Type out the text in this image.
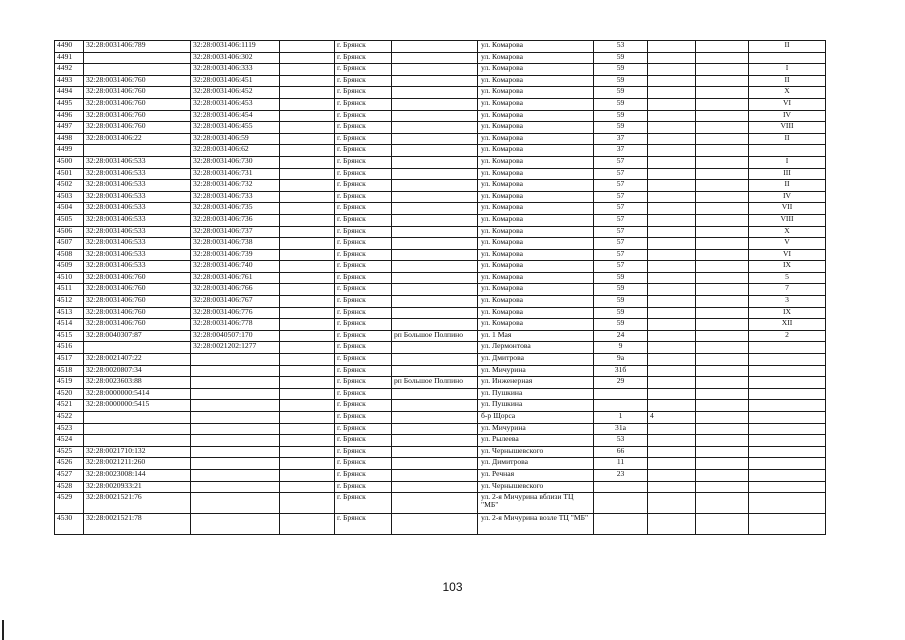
4490	32:28:0031406:789	32:28:0031406:1119		г. Брянск		ул. Комарова	53			II
4491		32:28:0031406:302		г. Брянск		ул. Комарова	59			
4492		32:28:0031406:333		г. Брянск		ул. Комарова	59			I
4493	32:28:0031406:760	32:28:0031406:451		г. Брянск		ул. Комарова	59			II
4494	32:28:0031406:760	32:28:0031406:452		г. Брянск		ул. Комарова	59			X
4495	32:28:0031406:760	32:28:0031406:453		г. Брянск		ул. Комарова	59			VI
4496	32:28:0031406:760	32:28:0031406:454		г. Брянск		ул. Комарова	59			IV
4497	32:28:0031406:760	32:28:0031406:455		г. Брянск		ул. Комарова	59			VIII
4498	32:28:0031406:22	32:28:0031406:59		г. Брянск		ул. Комарова	37			II
4499		32:28:0031406:62		г. Брянск		ул. Комарова	37			
4500	32:28:0031406:533	32:28:0031406:730		г. Брянск		ул. Комарова	57			I
4501	32:28:0031406:533	32:28:0031406:731		г. Брянск		ул. Комарова	57			III
4502	32:28:0031406:533	32:28:0031406:732		г. Брянск		ул. Комарова	57			II
4503	32:28:0031406:533	32:28:0031406:733		г. Брянск		ул. Комарова	57			IV
4504	32:28:0031406:533	32:28:0031406:735		г. Брянск		ул. Комарова	57			VII
4505	32:28:0031406:533	32:28:0031406:736		г. Брянск		ул. Комарова	57			VIII
4506	32:28:0031406:533	32:28:0031406:737		г. Брянск		ул. Комарова	57			X
4507	32:28:0031406:533	32:28:0031406:738		г. Брянск		ул. Комарова	57			V
4508	32:28:0031406:533	32:28:0031406:739		г. Брянск		ул. Комарова	57			VI
4509	32:28:0031406:533	32:28:0031406:740		г. Брянск		ул. Комарова	57			IX
4510	32:28:0031406:760	32:28:0031406:761		г. Брянск		ул. Комарова	59			5
4511	32:28:0031406:760	32:28:0031406:766		г. Брянск		ул. Комарова	59			7
4512	32:28:0031406:760	32:28:0031406:767		г. Брянск		ул. Комарова	59			3
4513	32:28:0031406:760	32:28:0031406:776		г. Брянск		ул. Комарова	59			IX
4514	32:28:0031406:760	32:28:0031406:778		г. Брянск		ул. Комарова	59			XII
4515	32:28:0040307:87	32:28:0040507:170		г. Брянск	рп Большое Полпино	ул. 1 Мая	24			2
4516		32:28:0021202:1277		г. Брянск		ул. Лермонтова	9			
4517	32:28:0021407:22			г. Брянск		ул. Дмитрова	9а			
4518	32:28:0020807:34			г. Брянск		ул. Мичурина	31б			
4519	32:28:0023603:88			г. Брянск	рп Большое Полпино	ул. Инженерная	29			
4520	32:28:0000000:5414			г. Брянск		ул. Пушкина				
4521	32:28:0000000:5415			г. Брянск		ул. Пушкина				
4522				г. Брянск		б-р Щорса	1	4		
4523				г. Брянск		ул. Мичурина	31а			
4524				г. Брянск		ул. Рылеева	53			
4525	32:28:0021710:132			г. Брянск		ул. Чернышевского	66			
4526	32:28:0021211:260			г. Брянск		ул. Димитрова	11			
4527	32:28:0023008:144			г. Брянск		ул. Речная	23			
4528	32:28:0020933:21			г. Брянск		ул. Чернышевского				
4529	32:28:0021521:76			г. Брянск		ул. 2-я Мичурина вблизи ТЦ "МБ"				
4530	32:28:0021521:78			г. Брянск		ул. 2-я Мичурина возле ТЦ "МБ"				
103
